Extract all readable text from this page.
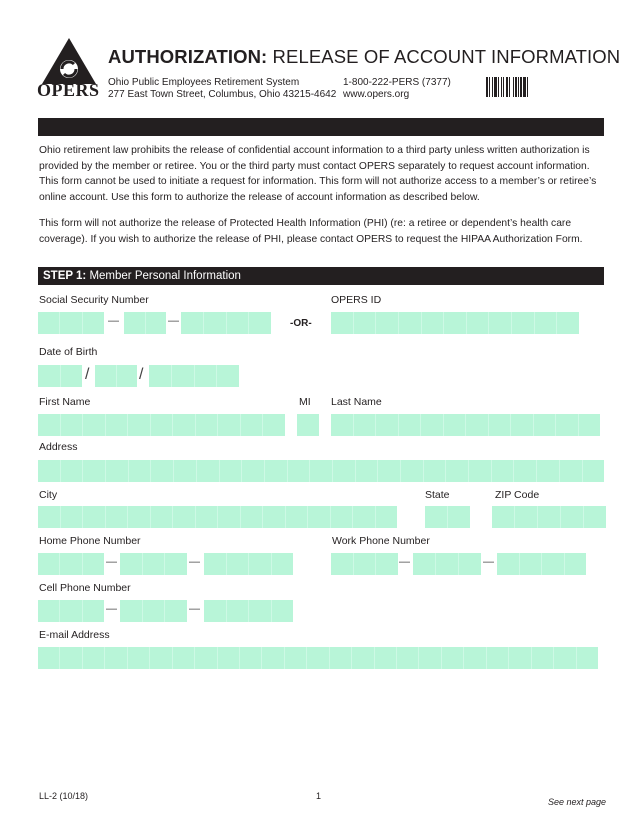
OPERS
AUTHORIZATION: RELEASE OF ACCOUNT INFORMATION
Ohio Public Employees Retirement System
277 East Town Street, Columbus, Ohio 43215-4642
1-800-222-PERS (7377)
www.opers.org
Ohio retirement law prohibits the release of confidential account information to a third party unless written authorization is provided by the member or retiree. You or the third party must contact OPERS separately to request account information. This form cannot be used to initiate a request for information. This form will not authorize access to a member’s or retiree’s online account. Use this form to authorize the release of account information as described below.
This form will not authorize the release of Protected Health Information (PHI) (re: a retiree or dependent’s health care coverage). If you wish to authorize the release of PHI, please contact OPERS to request the HIPAA Authorization Form.
STEP 1: Member Personal Information
Social Security Number
—	—	-OR-
OPERS ID
Date of Birth
/	/
First Name	MI Last Name
Address
City	State	ZIP Code
Home Phone Number
—	—
Work Phone Number
—	—
Cell Phone Number
—	—
E-mail Address
LL-2 (10/18)	1
See next page
